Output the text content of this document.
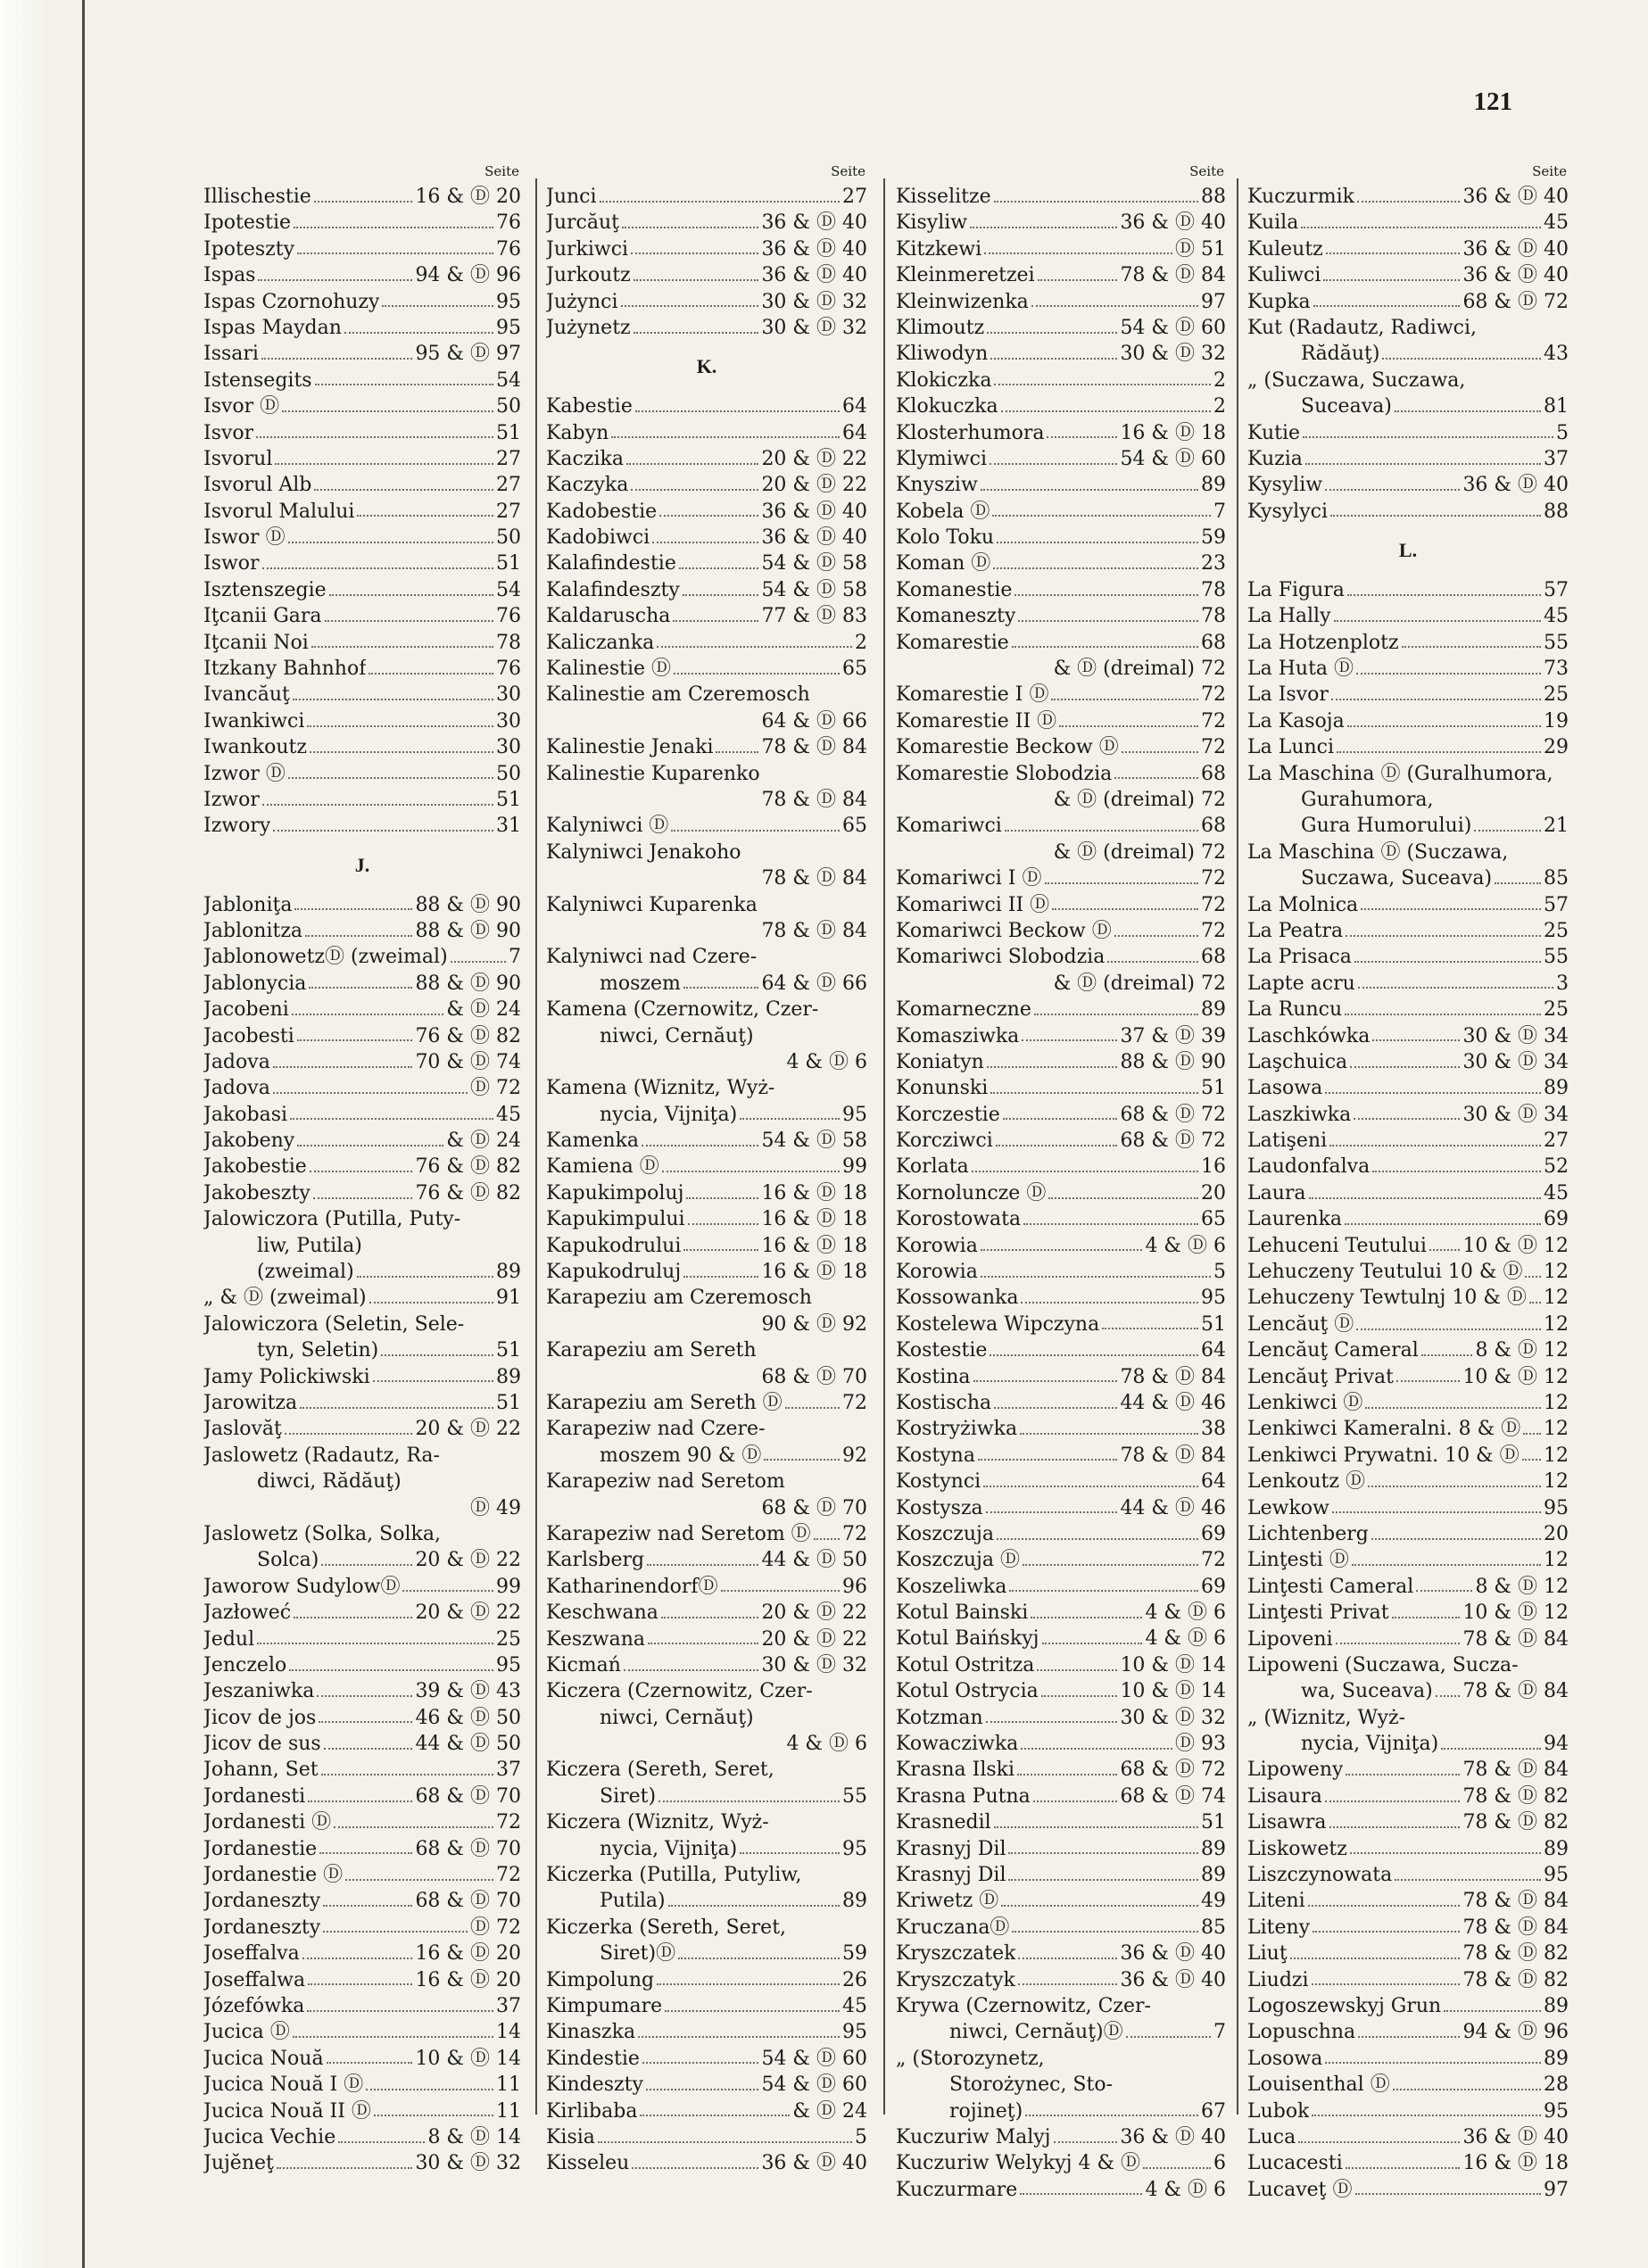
121
Seite
Illischestie	16 & Ⓓ 20
Ipotestie	76
Ipoteszty	76
Ispas	94 & Ⓓ 96
Ispas Czornohuzy	95
Ispas Maydan	95
Issari	95 & Ⓓ 97
Istensegits	54
Isvor Ⓓ	50
Isvor	51
Isvorul	27
Isvorul Alb	27
Isvorul Malului	27
Iswor Ⓓ	50
Iswor	51
Isztenszegie	54
Iţcanii Gara	76
Iţcanii Noi	78
Itzkany Bahnhof	76
Ivancăuţ	30
Iwankiwci	30
Iwankoutz	30
Izwor Ⓓ	50
Izwor	51
Izwory	31
J.
Jabloniţa	88 & Ⓓ 90
Jablonitza	88 & Ⓓ 90
JablonowetzⒹ (zweimal)	7
Jablonycia	88 & Ⓓ 90
Jacobeni	& Ⓓ 24
Jacobesti	76 & Ⓓ 82
Jadova	70 & Ⓓ 74
Jadova	Ⓓ 72
Jakobasi	45
Jakobeny	& Ⓓ 24
Jakobestie	76 & Ⓓ 82
Jakobeszty	76 & Ⓓ 82
Jalowiczora (Putilla, Puty-
liw, Putila)
(zweimal)	89
„ & Ⓓ (zweimal)	91
Jalowiczora (Seletin, Sele-
tyn, Seletin)	51
Jamy Polickiwski	89
Jarowitza	51
Jaslovăţ	20 & Ⓓ 22
Jaslowetz (Radautz, Ra-
diwci, Rădăuţ)
Ⓓ 49
Jaslowetz (Solka, Solka,
Solca)	20 & Ⓓ 22
Jaworow SudylowⒹ	99
Jazłoweć	20 & Ⓓ 22
Jedul	25
Jenczelo	95
Jeszaniwka	39 & Ⓓ 43
Jicov de jos	46 & Ⓓ 50
Jicov de sus	44 & Ⓓ 50
Johann, Set	37
Jordanesti	68 & Ⓓ 70
Jordanesti Ⓓ	72
Jordanestie	68 & Ⓓ 70
Jordanestie Ⓓ	72
Jordaneszty	68 & Ⓓ 70
Jordaneszty	Ⓓ 72
Joseffalva	16 & Ⓓ 20
Joseffalwa	16 & Ⓓ 20
Józefówka	37
Jucica Ⓓ	14
Jucica Nouă	10 & Ⓓ 14
Jucica Nouă I Ⓓ	11
Jucica Nouă II Ⓓ	11
Jucica Vechie	8 & Ⓓ 14
Jujĕneţ	30 & Ⓓ 32
Seite
Junci	27
Jurcăuţ	36 & Ⓓ 40
Jurkiwci	36 & Ⓓ 40
Jurkoutz	36 & Ⓓ 40
Jużynci	30 & Ⓓ 32
Jużynetz	30 & Ⓓ 32
K.
Kabestie	64
Kabyn	64
Kaczika	20 & Ⓓ 22
Kaczyka	20 & Ⓓ 22
Kadobestie	36 & Ⓓ 40
Kadobiwci	36 & Ⓓ 40
Kalafindestie	54 & Ⓓ 58
Kalafindeszty	54 & Ⓓ 58
Kaldaruscha	77 & Ⓓ 83
Kaliczanka	2
Kalinestie Ⓓ	65
Kalinestie am Czeremosch
64 & Ⓓ 66
Kalinestie Jenaki 78 & Ⓓ 84
Kalinestie Kuparenko
78 & Ⓓ 84
Kalyniwci Ⓓ	65
Kalyniwci Jenakoho
78 & Ⓓ 84
Kalyniwci Kuparenka
78 & Ⓓ 84
Kalyniwci nad Czere-
moszem	64 & Ⓓ 66
Kamena (Czernowitz, Czer-
niwci, Cernăuţ)
4 & Ⓓ 6
Kamena (Wiznitz, Wyż-
nycia, Vijniţa)	95
Kamenka	54 & Ⓓ 58
Kamiena Ⓓ	99
Kapukimpoluj	16 & Ⓓ 18
Kapukimpului	16 & Ⓓ 18
Kapukodrului	16 & Ⓓ 18
Kapukodruluj	16 & Ⓓ 18
Karapeziu am Czeremosch
90 & Ⓓ 92
Karapeziu am Sereth
68 & Ⓓ 70
Karapeziu am Sereth Ⓓ	72
Karapeziw nad Czere-
moszem 90 & Ⓓ	92
Karapeziw nad Seretom
68 & Ⓓ 70
Karapeziw nad Seretom Ⓓ 72
Karlsberg	44 & Ⓓ 50
KatharinendorfⒹ	96
Keschwana	20 & Ⓓ 22
Keszwana	20 & Ⓓ 22
Kicmań	30 & Ⓓ 32
Kiczera (Czernowitz, Czer-
niwci, Cernăuţ)
4 & Ⓓ 6
Kiczera (Sereth, Seret,
Siret)	55
Kiczera (Wiznitz, Wyż-
nycia, Vijniţa)	95
Kiczerka (Putilla, Putyliw,
Putila)	89
Kiczerka (Sereth, Seret,
Siret)Ⓓ	59
Kimpolung	26
Kimpumare	45
Kinaszka	95
Kindestie	54 & Ⓓ 60
Kindeszty	54 & Ⓓ 60
Kirlibaba	& Ⓓ 24
Kisia	5
Kisseleu	36 & Ⓓ 40
Seite
Kisselitze	88
Kisyliw	36 & Ⓓ 40
Kitzkewi	Ⓓ 51
Kleinmeretzei	78 & Ⓓ 84
Kleinwizenka	97
Klimoutz	54 & Ⓓ 60
Kliwodyn	30 & Ⓓ 32
Klokiczka	2
Klokuczka	2
Klosterhumora	16 & Ⓓ 18
Klymiwci	54 & Ⓓ 60
Knysziw	89
Kobela Ⓓ	7
Kolo Toku	59
Koman Ⓓ	23
Komanestie	78
Komaneszty	78
Komarestie	68
& Ⓓ (dreimal) 72
Komarestie I Ⓓ	72
Komarestie II Ⓓ	72
Komarestie Beckow Ⓓ	72
Komarestie Slobodzia	68
& Ⓓ (dreimal) 72
Komariwci	68
& Ⓓ (dreimal) 72
Komariwci I Ⓓ	72
Komariwci II Ⓓ	72
Komariwci Beckow Ⓓ	72
Komariwci Slobodzia	68
& Ⓓ (dreimal) 72
Komarneczne	89
Komasziwka	37 & Ⓓ 39
Koniatyn	88 & Ⓓ 90
Konunski	51
Korczestie	68 & Ⓓ 72
Korcziwci	68 & Ⓓ 72
Korlata	16
Kornoluncze Ⓓ	20
Korostowata	65
Korowia	4 & Ⓓ 6
Korowia	5
Kossowanka	95
Kostelewa Wipczyna	51
Kostestie	64
Kostina	78 & Ⓓ 84
Kostischa	44 & Ⓓ 46
Kostryżiwka	38
Kostyna	78 & Ⓓ 84
Kostynci	64
Kostysza	44 & Ⓓ 46
Koszczuja	69
Koszczuja Ⓓ	72
Koszeliwka	69
Kotul Bainski	4 & Ⓓ 6
Kotul Baińskyj	4 & Ⓓ 6
Kotul Ostritza	10 & Ⓓ 14
Kotul Ostrycia	10 & Ⓓ 14
Kotzman	30 & Ⓓ 32
Kowacziwka	Ⓓ 93
Krasna Ilski	68 & Ⓓ 72
Krasna Putna	68 & Ⓓ 74
Krasnedil	51
Krasnyj Dil	89
Krasnyj Dil	89
Kriwetz Ⓓ	49
KruczanaⒹ	85
Kryszczatek	36 & Ⓓ 40
Kryszczatyk	36 & Ⓓ 40
Krywa (Czernowitz, Czer-
niwci, Cernăuţ)Ⓓ	7
„ (Storozynetz,
Storożynec, Sto-
rojineţ)	67
Kuczuriw Malyj	36 & Ⓓ 40
Kuczuriw Welykyj 4 & Ⓓ	6
Kuczurmare	4 & Ⓓ 6
Seite
Kuczurmik	36 & Ⓓ 40
Kuila	45
Kuleutz	36 & Ⓓ 40
Kuliwci	36 & Ⓓ 40
Kupka	68 & Ⓓ 72
Kut (Radautz, Radiwci,
Rădăuţ)	43
„ (Suczawa, Suczawa,
Suceava)	81
Kutie	5
Kuzia	37
Kysyliw	36 & Ⓓ 40
Kysylyci	88
L.
La Figura	57
La Hally	45
La Hotzenplotz	55
La Huta Ⓓ	73
La Isvor	25
La Kasoja	19
La Lunci	29
La Maschina Ⓓ (Guralhumora,
Gurahumora,
Gura Humorului)	21
La Maschina Ⓓ (Suczawa,
Suczawa, Suceava)	85
La Molnica	57
La Peatra	25
La Prisaca	55
Lapte acru	3
La Runcu	25
Laschkówka	30 & Ⓓ 34
Laşchuica	30 & Ⓓ 34
Lasowa	89
Laszkiwka	30 & Ⓓ 34
Latişeni	27
Laudonfalva	52
Laura	45
Laurenka	69
Lehuceni Teutului 10 & Ⓓ 12
Lehuczeny Teutului 10 & Ⓓ 12
Lehuczeny Tewtulnj 10 & Ⓓ 12
Lencăuţ Ⓓ	12
Lencăuţ Cameral	8 & Ⓓ 12
Lencăuţ Privat	10 & Ⓓ 12
Lenkiwci Ⓓ	12
Lenkiwci Kameralni. 8 & Ⓓ 12
Lenkiwci Prywatni. 10 & Ⓓ 12
Lenkoutz Ⓓ	12
Lewkow	95
Lichtenberg	20
Linţesti Ⓓ	12
Linţesti Cameral	8 & Ⓓ 12
Linţesti Privat	10 & Ⓓ 12
Lipoveni	78 & Ⓓ 84
Lipoweni (Suczawa, Sucza-
wa, Suceava) 78 & Ⓓ 84
„ (Wiznitz, Wyż-
nycia, Vijniţa)	94
Lipoweny	78 & Ⓓ 84
Lisaura	78 & Ⓓ 82
Lisawra	78 & Ⓓ 82
Liskowetz	89
Liszczynowata	95
Liteni	78 & Ⓓ 84
Liteny	78 & Ⓓ 84
Liuţ	78 & Ⓓ 82
Liudzi	78 & Ⓓ 82
Logoszewskyj Grun	89
Lopuschna	94 & Ⓓ 96
Losowa	89
Louisenthal Ⓓ	28
Lubok	95
Luca	36 & Ⓓ 40
Lucacesti	16 & Ⓓ 18
Lucaveţ Ⓓ	97
